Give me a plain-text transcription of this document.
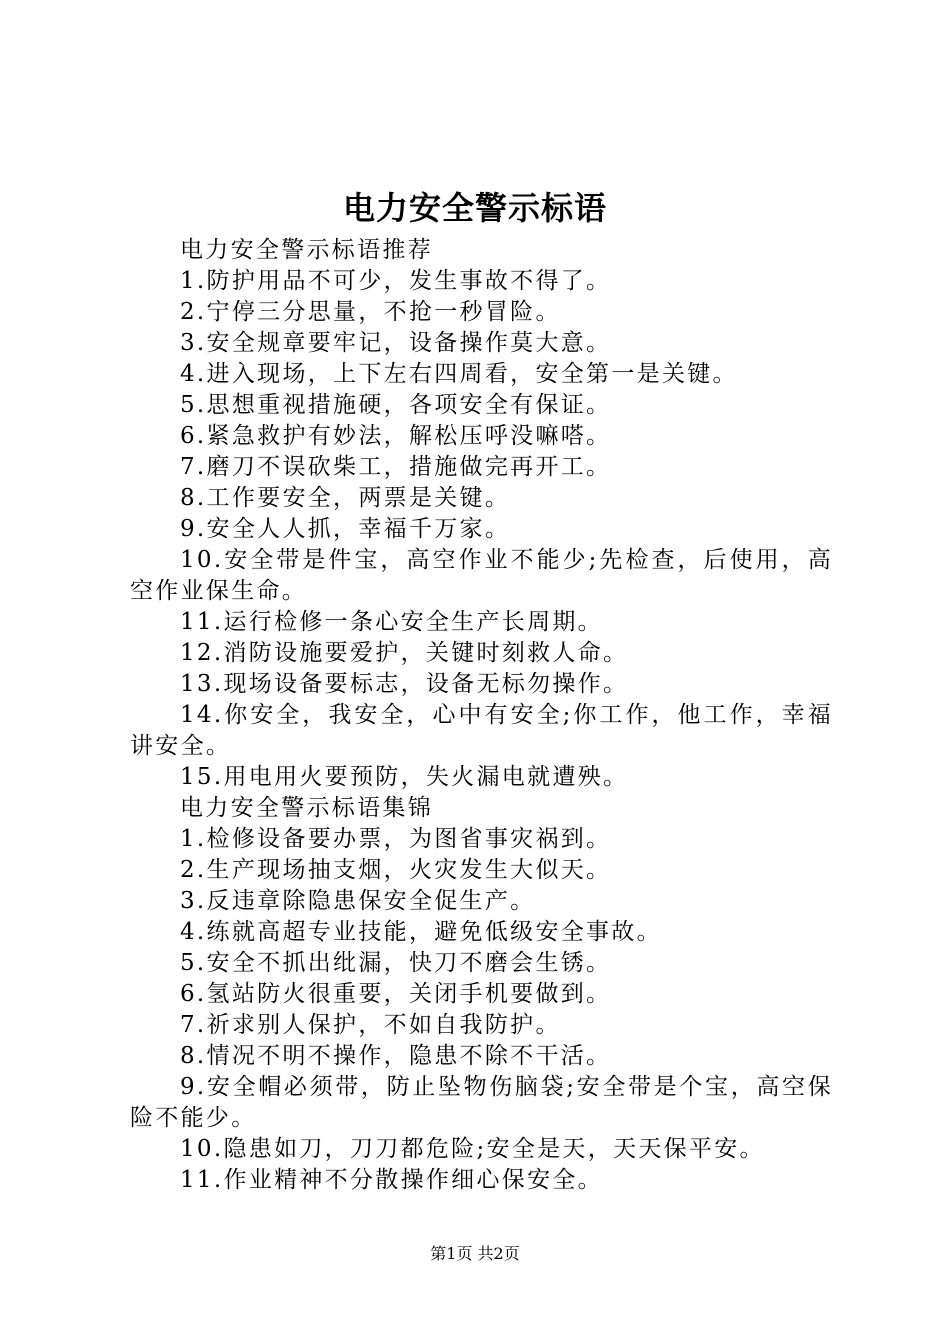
电力安全警示标语

电力安全警示标语推荐

1.防护用品不可少，发生事故不得了。

2.宁停三分思量，不抢一秒冒险。

3.安全规章要牢记，设备操作莫大意。

4.进入现场，上下左右四周看，安全第一是关键。

5.思想重视措施硬，各项安全有保证。

6.紧急救护有妙法，解松压呼没嘛嗒。

7.磨刀不误砍柴工，措施做完再开工。

8.工作要安全，两票是关键。

9.安全人人抓，幸福千万家。

10.安全带是件宝，高空作业不能少;先检查，后使用，高空作业保生命。

11.运行检修一条心安全生产长周期。

12.消防设施要爱护，关键时刻救人命。

13.现场设备要标志，设备无标勿操作。

14.你安全，我安全，心中有安全;你工作，他工作，幸福讲安全。

15.用电用火要预防，失火漏电就遭殃。

电力安全警示标语集锦

1.检修设备要办票，为图省事灾祸到。

2.生产现场抽支烟，火灾发生大似天。

3.反违章除隐患保安全促生产。

4.练就高超专业技能，避免低级安全事故。

5.安全不抓出纰漏，快刀不磨会生锈。

6.氢站防火很重要，关闭手机要做到。

7.祈求别人保护，不如自我防护。

8.情况不明不操作，隐患不除不干活。

9.安全帽必须带，防止坠物伤脑袋;安全带是个宝，高空保险不能少。

10.隐患如刀，刀刀都危险;安全是天，天天保平安。

11.作业精神不分散操作细心保安全。

第1页 共2页
